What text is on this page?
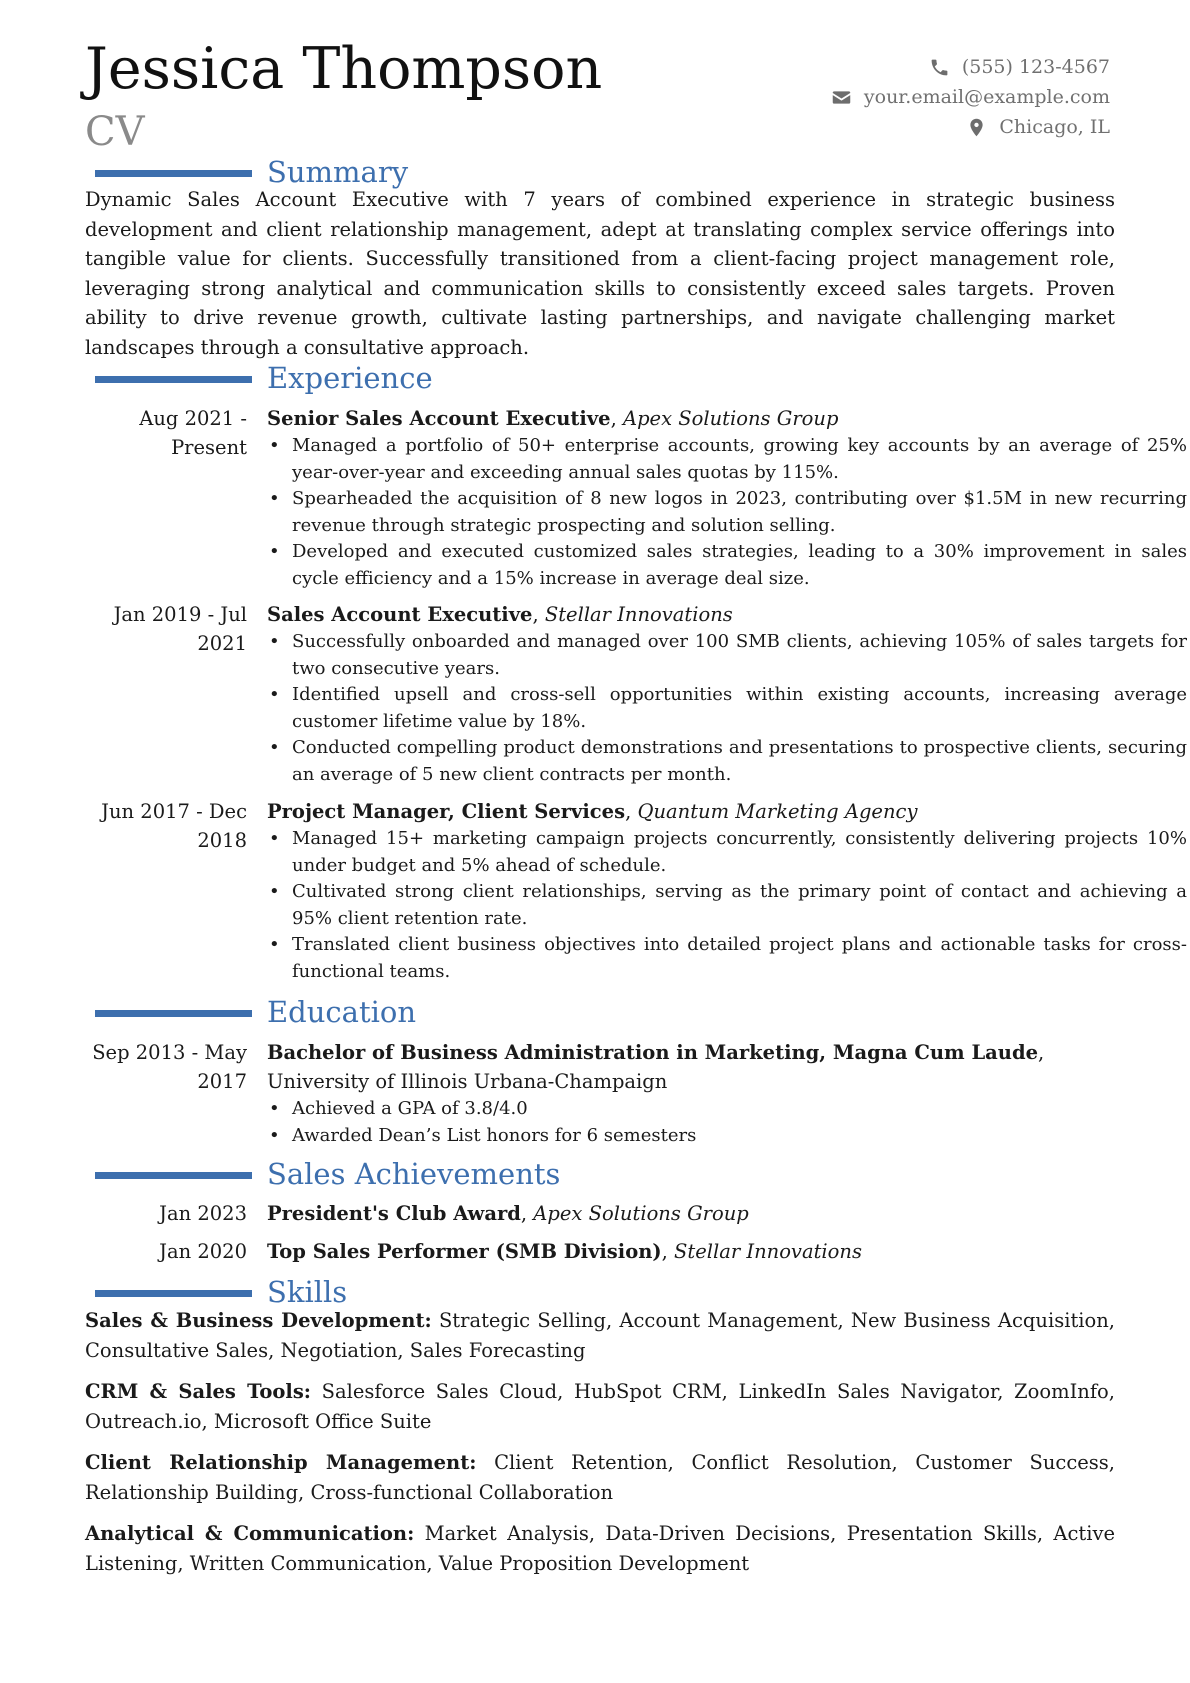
Jessica Thompson
CV
(555) 123-4567
your.email@example.com
Chicago, IL
Summary

Dynamic Sales Account Executive with 7 years of combined experience in strategic business development and client relationship management, adept at translating complex service offerings into tangible value for clients. Successfully transitioned from a client-facing project management role, leveraging strong analytical and communication skills to consistently exceed sales targets. Proven ability to drive revenue growth, cultivate lasting partnerships, and navigate challenging market landscapes through a consultative approach.

Experience
Aug 2021 - Present
Senior Sales Account Executive, Apex Solutions Group
• Managed a portfolio of 50+ enterprise accounts, growing key accounts by an average of 25% year-over-year and exceeding annual sales quotas by 115%.
• Spearheaded the acquisition of 8 new logos in 2023, contributing over $1.5M in new recurring revenue through strategic prospecting and solution selling.
• Developed and executed customized sales strategies, leading to a 30% improvement in sales cycle efficiency and a 15% increase in average deal size.
Jan 2019 - Jul 2021
Sales Account Executive, Stellar Innovations
• Successfully onboarded and managed over 100 SMB clients, achieving 105% of sales targets for two consecutive years.
• Identified upsell and cross-sell opportunities within existing accounts, increasing average customer lifetime value by 18%.
• Conducted compelling product demonstrations and presentations to prospective clients, securing an average of 5 new client contracts per month.
Jun 2017 - Dec 2018
Project Manager, Client Services, Quantum Marketing Agency
• Managed 15+ marketing campaign projects concurrently, consistently delivering projects 10% under budget and 5% ahead of schedule.
• Cultivated strong client relationships, serving as the primary point of contact and achieving a 95% client retention rate.
• Translated client business objectives into detailed project plans and actionable tasks for cross-functional teams.
Education
Sep 2013 - May 2017
Bachelor of Business Administration in Marketing, Magna Cum Laude,
University of Illinois Urbana-Champaign
• Achieved a GPA of 3.8/4.0
• Awarded Dean’s List honors for 6 semesters
Sales Achievements
Jan 2023 President's Club Award, Apex Solutions Group
Jan 2020 Top Sales Performer (SMB Division), Stellar Innovations
Skills

Sales & Business Development: Strategic Selling, Account Management, New Business Acquisition, Consultative Sales, Negotiation, Sales Forecasting

CRM & Sales Tools: Salesforce Sales Cloud, HubSpot CRM, LinkedIn Sales Navigator, ZoomInfo, Outreach.io, Microsoft Office Suite

Client Relationship Management: Client Retention, Conflict Resolution, Customer Success, Relationship Building, Cross-functional Collaboration

Analytical & Communication: Market Analysis, Data-Driven Decisions, Presentation Skills, Active Listening, Written Communication, Value Proposition Development
